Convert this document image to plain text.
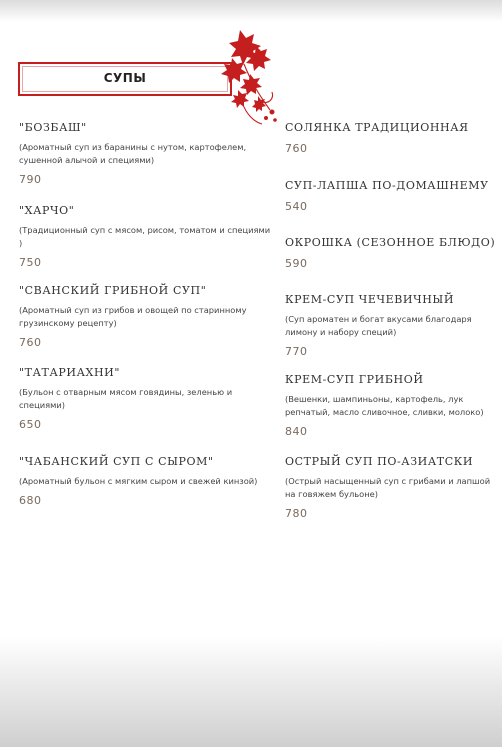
СУПЫ
"БОЗБАШ"
(Ароматный суп из баранины с нутом, картофелем, сушенной алычой и специями)
790
"ХАРЧО"
(Традиционный суп с мясом, рисом, томатом и специями )
750
"СВАНСКИЙ ГРИБНОЙ СУП"
(Ароматный суп из грибов и овощей по старинному грузинскому рецепту)
760
"ТАТАРИАХНИ"
(Бульон с отварным мясом говядины, зеленью и специями)
650
"ЧАБАНСКИЙ СУП С СЫРОМ"
(Ароматный бульон с мягким сыром и свежей кинзой)
680
СОЛЯНКА ТРАДИЦИОННАЯ
760
СУП-ЛАПША ПО-ДОМАШНЕМУ
540
ОКРОШКА (СЕЗОННОЕ БЛЮДО)
590
КРЕМ-СУП ЧЕЧЕВИЧНЫЙ
(Суп ароматен и богат вкусами благодаря лимону и набору специй)
770
КРЕМ-СУП ГРИБНОЙ
(Вешенки, шампиньоны, картофель, лук репчатый, масло сливочное, сливки, молоко)
840
ОСТРЫЙ СУП ПО-АЗИАТСКИ
(Острый насыщенный суп с грибами и лапшой на говяжем бульоне)
780
